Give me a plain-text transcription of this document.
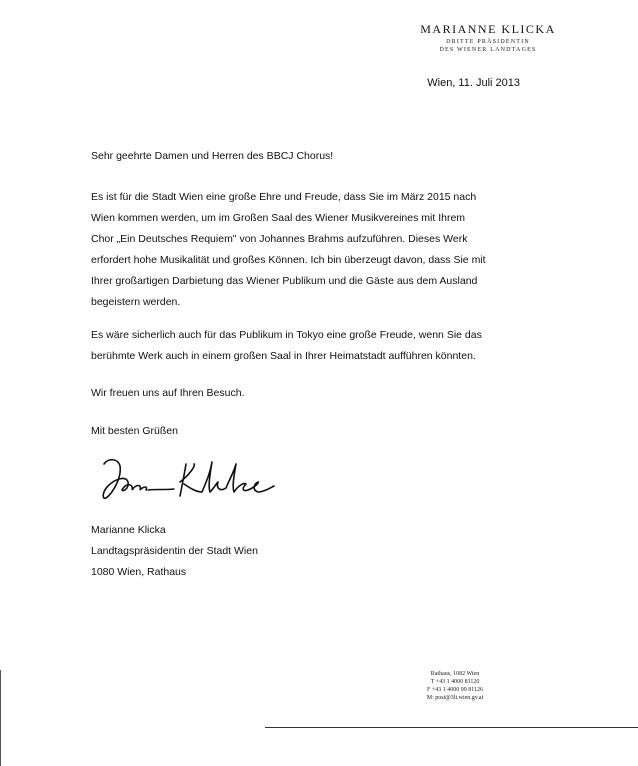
MARIANNE KLICKA
DRITTE PRÄSIDENTIN
DES WIENER LANDTAGES
Wien, 11. Juli 2013
Sehr geehrte Damen und Herren des BBCJ Chorus!
Es ist für die Stadt Wien eine große Ehre und Freude, dass Sie im März 2015 nach
Wien kommen werden, um im Großen Saal des Wiener Musikvereines mit Ihrem
Chor „Ein Deutsches Requiem" von Johannes Brahms aufzuführen. Dieses Werk
erfordert hohe Musikalität und großes Können. Ich bin überzeugt davon, dass Sie mit
Ihrer großartigen Darbietung das Wiener Publikum und die Gäste aus dem Ausland
begeistern werden.
Es wäre sicherlich auch für das Publikum in Tokyo eine große Freude, wenn Sie das
berühmte Werk auch in einem großen Saal in Ihrer Heimatstadt aufführen könnten.
Wir freuen uns auf Ihren Besuch.
Mit besten Grüßen
Marianne Klicka
Landtagspräsidentin der Stadt Wien
1080 Wien, Rathaus
Rathaus, 1082 Wien
T +43 1 4000 81120
F +43 1 4000 99 81126
M: post@3lt.wien.gv.at
